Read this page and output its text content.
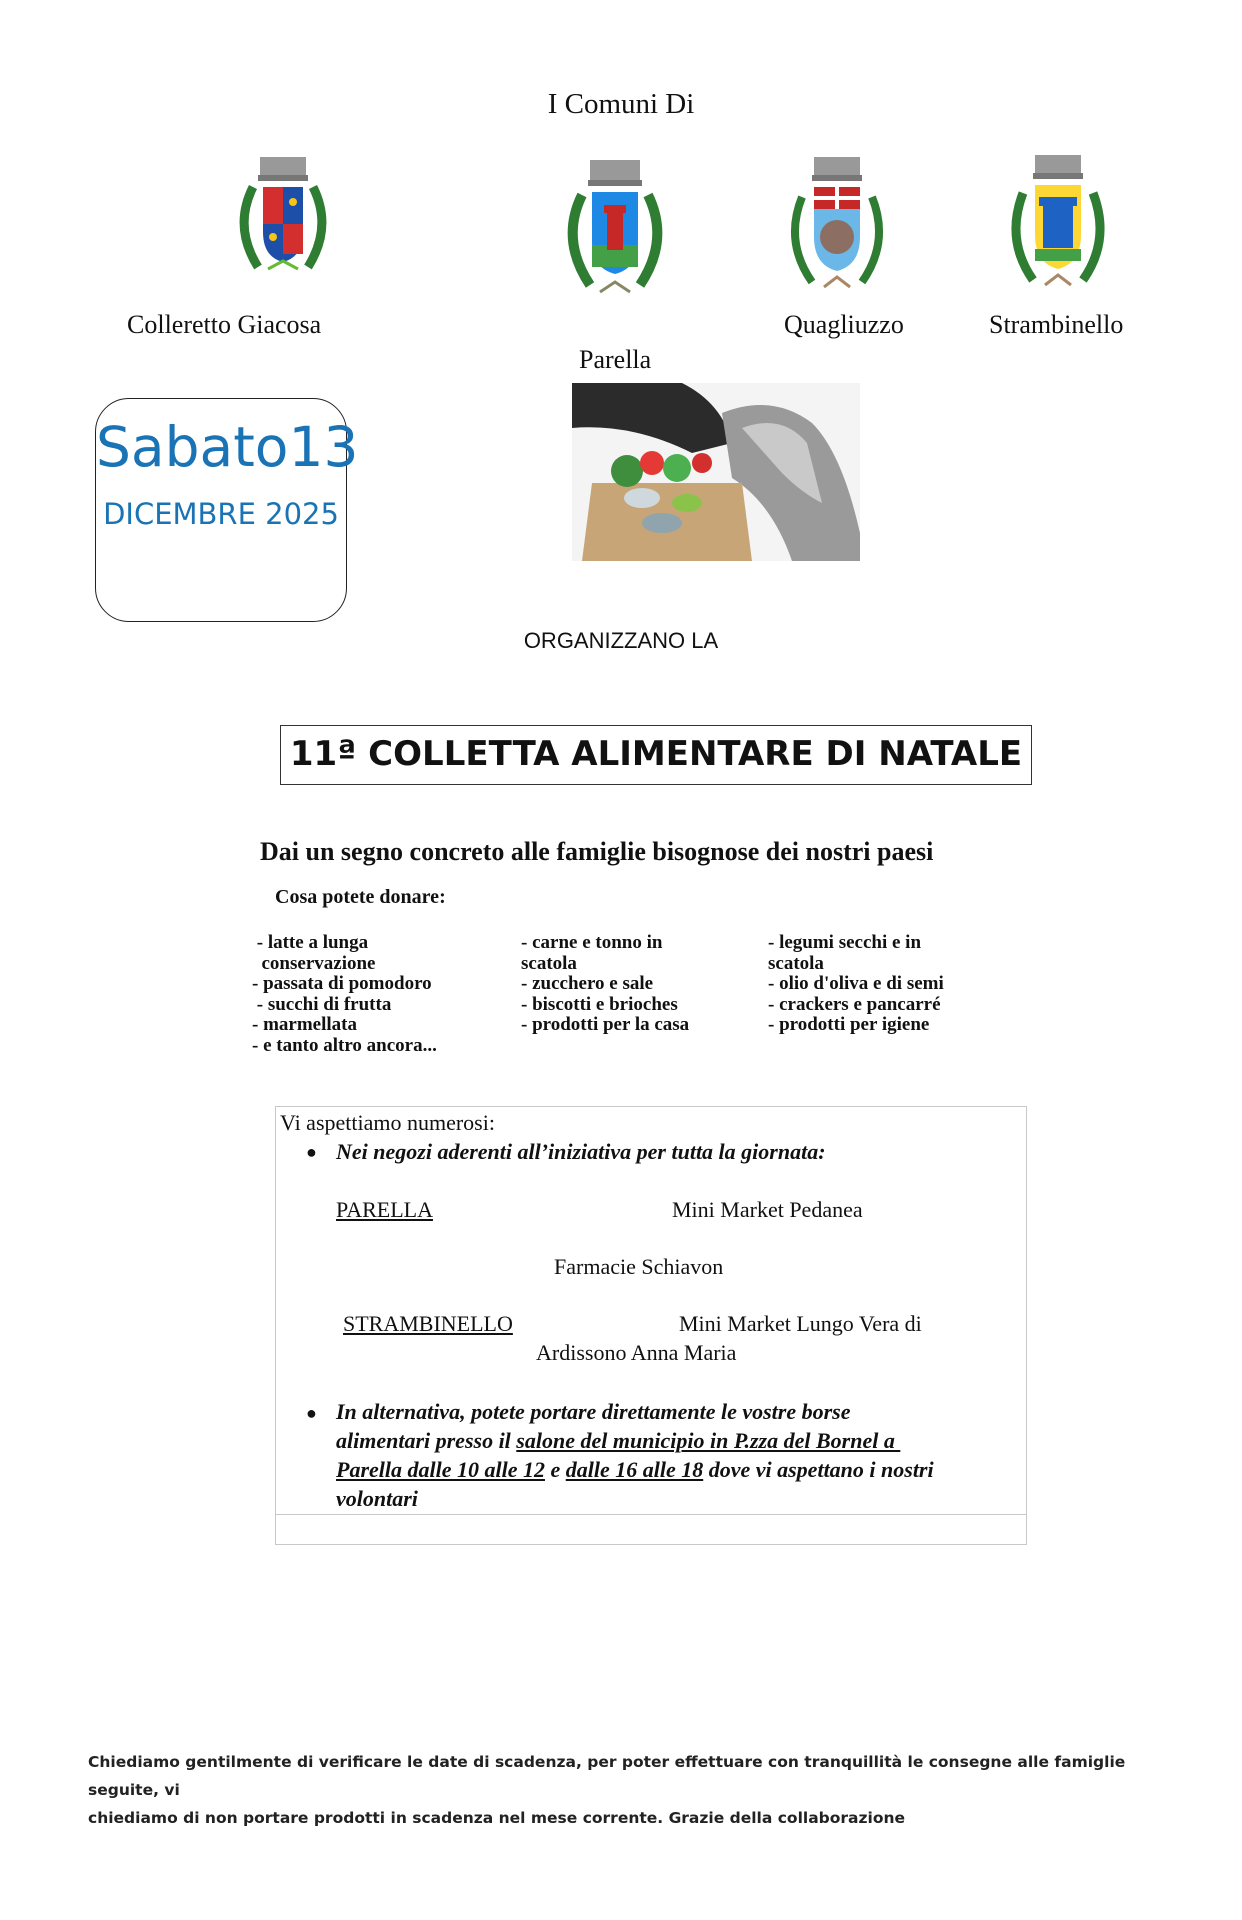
I Comuni Di
Colleretto Giacosa
Parella
Quagliuzzo	Strambinello
Sabato13
DICEMBRE 2025
ORGANIZZANO LA
11ª COLLETTA ALIMENTARE DI NATALE
Dai un segno concreto alle famiglie bisognose dei nostri paesi
Cosa potete donare:
- latte a lunga
conservazione
- passata di pomodoro
- succhi di frutta
- marmellata
- e tanto altro ancora...
- carne e tonno in
scatola
- zucchero e sale
- biscotti e brioches
- prodotti per la casa
- legumi secchi e in
scatola
- olio d'oliva e di semi
- crackers e pancarré
- prodotti per igiene
Vi aspettiamo numerosi:
● Nei negozi aderenti all’iniziativa per tutta la giornata:
PARELLA	Mini Market Pedanea
Farmacie Schiavon
STRAMBINELLO	Mini Market Lungo Vera di
Ardissono Anna Maria
● In alternativa, potete portare direttamente le vostre borse
alimentari presso il salone del municipio in P.zza del Bornel a
Parella dalle 10 alle 12 e dalle 16 alle 18 dove vi aspettano i nostri
volontari
Chiediamo gentilmente di verificare le date di scadenza, per poter effettuare con tranquillità le consegne alle famiglie seguite, vi
chiediamo di non portare prodotti in scadenza nel mese corrente. Grazie della collaborazione
